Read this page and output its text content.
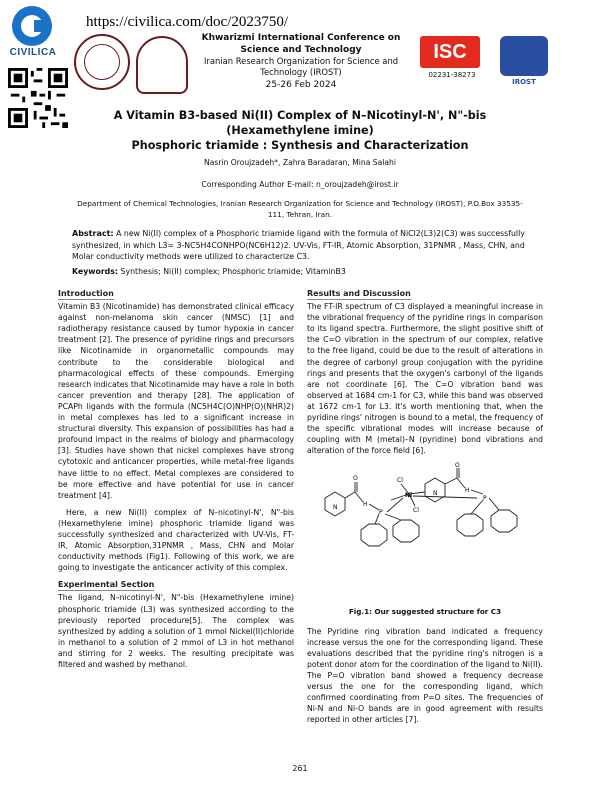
CIVILICA
https://civilica.com/doc/2023750/
Khwarizmi International Conference on
Science and Technology
Iranian Research Organization for Science and
Technology (IROST)
25-26 Feb 2024
ISC
02231-38273
IROST
A Vitamin B3-based Ni(II) Complex of N–Nicotinyl-N', N"-bis (Hexamethylene imine)
Phosphoric triamide : Synthesis and Characterization
Nasrin Oroujzadeh*, Zahra Baradaran, Mina Salahi
Corresponding Author E-mail: n_oroujzadeh@irost.ir
Department of Chemical Technologies, Iranian Research Organization for Science and Technology (IROST), P.O.Box 33535-111, Tehran, Iran.
Abstract: A new Ni(II) complex of a Phosphoric triamide ligand with the formula of NiCl2(L3)2(C3) was successfully synthesized, in which L3= 3-NC5H4CONHPO(NC6H12)2. UV-Vis, FT-IR, Atomic Absorption, 31PNMR , Mass, CHN, and Molar conductivity methods were utilized to characterize C3.
Keywords: Synthesis; Ni(II) complex; Phosphoric triamide; VitaminB3
Introduction

Vitamin B3 (Nicotinamide) has demonstrated clinical efficacy against non-melanoma skin cancer (NMSC) [1] and radiotherapy resistance caused by tumor hypoxia in cancer treatment [2]. The presence of pyridine rings and precursors like Nicotinamide in organometallic compounds may contribute to the considerable biological and pharmacological effects of these compounds. Emerging research indicates that Nicotinamide may have a role in both cancer prevention and therapy [28]. The application of PCAPh ligands with the formula (NC5H4C(O)NHP(O)(NHR)2) in metal complexes has led to a significant increase in structural diversity. This expansion of possibilities has had a profound impact in the realms of biology and pharmacology [3]. Studies have shown that nickel complexes have strong cytotoxic and anticancer properties, while metal-free ligands have little to no effect. Metal complexes are considered to be more effective and have potential for use in cancer treatment [4].

Here, a new Ni(II) complex of N–nicotinyl-N', N"-bis (Hexamethylene imine) phosphoric triamide ligand was successfully synthesized and characterized with UV-Vis, FT-IR, Atomic Absorption,31PNMR , Mass, CHN and Molar conductivity methods (Fig1). Following of this work, we are going to investigate the anticancer activity of this complex.

Experimental Section

The ligand, N–nicotinyl-N', N"-bis (Hexamethylene imine) phosphoric triamide (L3) was synthesized according to the previously reported procedure[5]. The complex was synthesized by adding a solution of 1 mmol Nickel(II)chloride in methanol to a solution of 2 mmol of L3 in hot methanol and stirring for 2 weeks. The resulting precipitate was filtered and washed by methanol.

Results and Discussion

The FT-IR spectrum of C3 displayed a meaningful increase in the vibrational frequency of the pyridine rings in comparison to its ligand spectra. Furthermore, the slight positive shift of the C=O vibration in the spectrum of our complex, relative to the free ligand, could be due to the result of alterations in the degree of carbonyl group conjugation with the pyridine rings and presents that the oxygen's carbonyl of the ligands are not coordinate [6]. The C=O vibration band was observed at 1684 cm-1 for C3, while this band was observed at 1672 cm-1 for L3. It's worth mentioning that, when the pyridine rings' nitrogen is bound to a metal, the frequency of the specific vibrational modes will increase because of coupling with M (metal)–N (pyridine) bond vibrations and alteration of the force field [6].

N
N
O
O
H
H
P
P
Ni
Cl
Cl
Fig.1: Our suggested structure for C3

The Pyridine ring vibration band indicated a frequency increase versus the one for the corresponding ligand. These evaluations described that the pyridine ring's nitrogen is a potent donor atom for the coordination of the ligand to Ni(II). The P=O vibration band showed a frequency decrease versus the one for the corresponding ligand, which confirmed coordinating from P=O sites. The frequencies of Ni-N and Ni-O bands are in good agreement with results reported in other articles [7].

261
